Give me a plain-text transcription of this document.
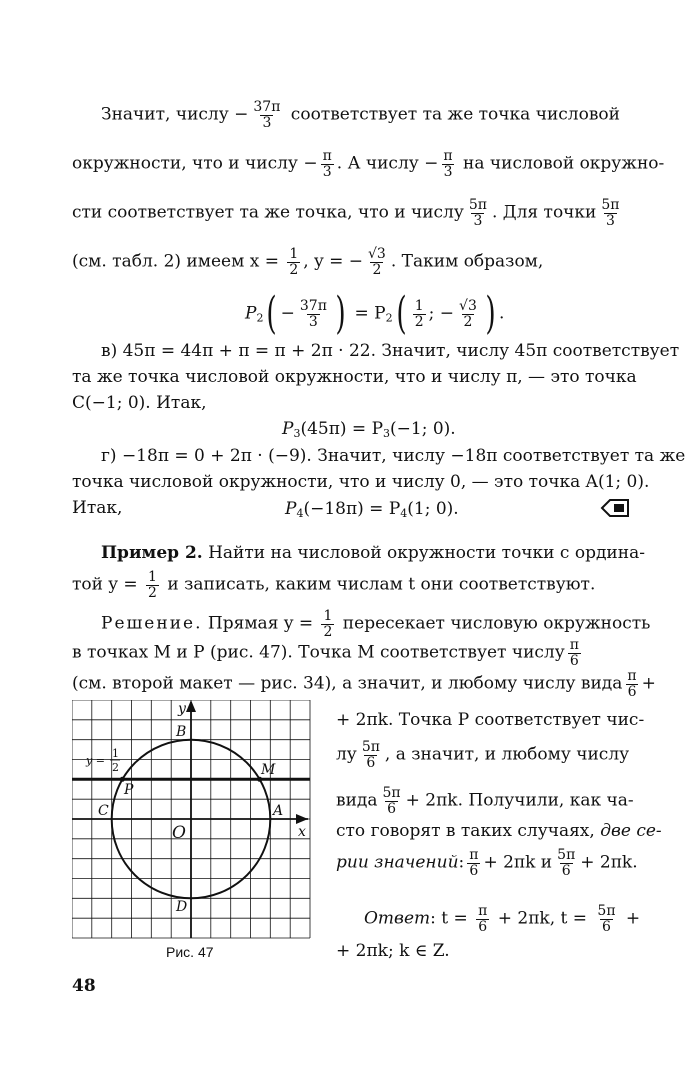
Значит, числу − $\frac{37\pi}{3}$ соответствует та же точка числовой
окружности, что и числу − $\frac{\pi}{3}$ . А числу − $\frac{\pi}{3}$ на числовой окружно-
сти соответствует та же точка, что и числу $\frac{5\pi}{3}$ . Для точки $\frac{5\pi}{3}$
(см. табл. 2) имеем $x = \frac{1}{2}$ , y = − $\frac{√3}{2}$ . Таким образом,
$P_2( - \frac{37\pi}{3}$ ) = $P_2( \frac{1}{2}$ ; − $\frac{√3}{2}$ ) .
в) 45π = 44π + π = π + 2π · 22. Значит, числу 45π соответствует
та же точка числовой окружности, что и числу π, — это точка
C(−1; 0). Итак,
$P_3(45\pi) = P_3(-1$; 0).
г) −18π = 0 + 2π · (−9). Значит, числу −18π соответствует та же
точка числовой окружности, что и числу 0, — это точка A(1; 0).
Итак,	$P_4(-18\pi) = P_4(1$; 0).
Пример 2. Найти на числовой окружности точки с ордина-
той $y = \frac{1}{2}$ и записать, каким числам t они соответствуют.
Решение. Прямая $y = \frac{1}{2}$ пересекает числовую окружность
в точках M и P (рис. 47). Точка M соответствует числу $\frac{\pi}{6}$
(см. второй макет — рис. 34), а значит, и любому числу вида $\frac{\pi}{6}$ +
+ 2πk. Точка P соответствует чис-
лу $\frac{5\pi}{6}$ , а значит, и любому числу
вида $\frac{5\pi}{6} + 2\pi k$. Получили, как ча-
сто говорят в таких случаях, две се-
рии значений: $\frac{\pi}{6} + 2\pi k$ и $\frac{5\pi}{6} + 2\pi k$.
Ответ: $t = \frac{\pi}{6} + 2\pi k$, $t = \frac{5\pi}{6}$ +
+ 2πk; k ∈ Z.
y
x
B
M
P
C
O
A
D
y =
1
2
Рис. 47
48
